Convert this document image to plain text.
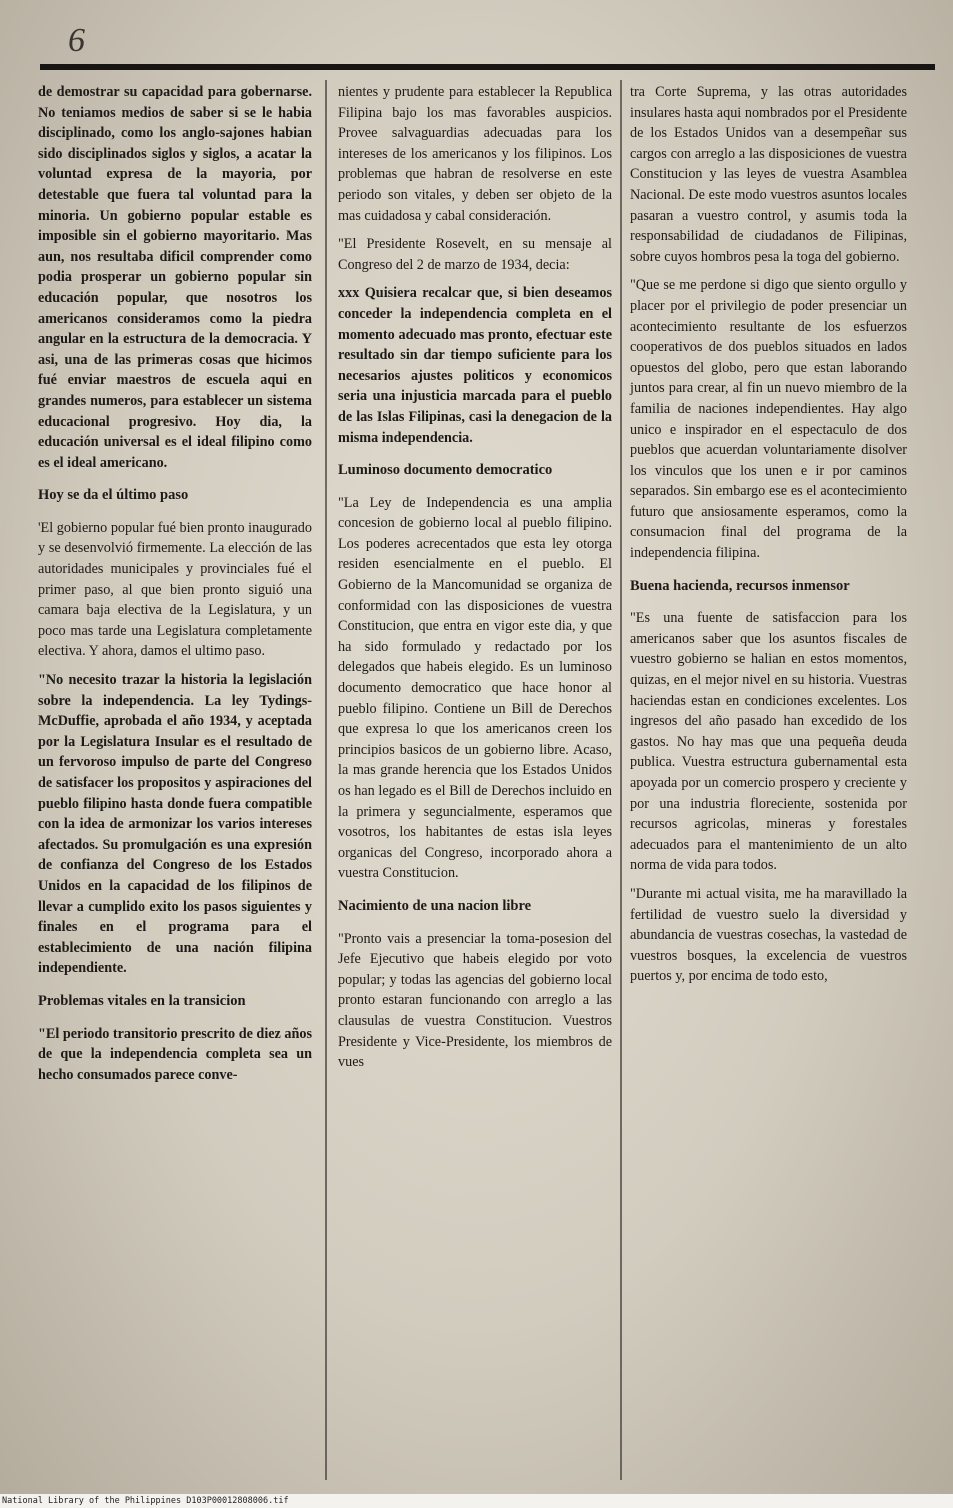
6

de demostrar su capacidad para gobernarse. No teniamos medios de saber si se le habia disciplinado, como los anglo-sajones habian sido disciplinados siglos y siglos, a acatar la voluntad expresa de la mayoria, por detestable que fuera tal voluntad para la minoria. Un gobierno popular estable es imposible sin el gobierno mayoritario. Mas aun, nos resultaba dificil comprender como podia prosperar un gobierno popular sin educación popular, que nosotros los americanos consideramos como la piedra angular en la estructura de la democracia. Y asi, una de las primeras cosas que hicimos fué enviar maestros de escuela aqui en grandes numeros, para establecer un sistema educacional progresivo. Hoy dia, la educación universal es el ideal filipino como es el ideal americano.

Hoy se da el último paso

'El gobierno popular fué bien pronto inaugurado y se desenvolvió firmemente. La elección de las autoridades municipales y provinciales fué el primer paso, al que bien pronto siguió una camara baja electiva de la Legislatura, y un poco mas tarde una Legislatura completamente electiva. Y ahora, damos el ultimo paso.

"No necesito trazar la historia la legislación sobre la independencia. La ley Tydings-McDuffie, aprobada el año 1934, y aceptada por la Legislatura Insular es el resultado de un fervoroso impulso de parte del Congreso de satisfacer los propositos y aspiraciones del pueblo filipino hasta donde fuera compatible con la idea de armonizar los varios intereses afectados. Su promulgación es una expresión de confianza del Congreso de los Estados Unidos en la capacidad de los filipinos de llevar a cumplido exito los pasos siguientes y finales en el programa para el establecimiento de una nación filipina independiente.

Problemas vitales en la transicion

"El periodo transitorio prescrito de diez años de que la independencia completa sea un hecho consumados parece conve-

nientes y prudente para establecer la Republica Filipina bajo los mas favorables auspicios. Provee salvaguardias adecuadas para los intereses de los americanos y los filipinos. Los problemas que habran de resolverse en este periodo son vitales, y deben ser objeto de la mas cuidadosa y cabal consideración.

"El Presidente Rosevelt, en su mensaje al Congreso del 2 de marzo de 1934, decia:

xxx Quisiera recalcar que, si bien deseamos conceder la independencia completa en el momento adecuado mas pronto, efectuar este resultado sin dar tiempo suficiente para los necesarios ajustes politicos y economicos seria una injusticia marcada para el pueblo de las Islas Filipinas, casi la denegacion de la misma independencia.

Luminoso documento democratico

"La Ley de Independencia es una amplia concesion de gobierno local al pueblo filipino. Los poderes acrecentados que esta ley otorga residen esencialmente en el pueblo. El Gobierno de la Mancomunidad se organiza de conformidad con las disposiciones de vuestra Constitucion, que entra en vigor este dia, y que ha sido formulado y redactado por los delegados que habeis elegido. Es un luminoso documento democratico que hace honor al pueblo filipino. Contiene un Bill de Derechos que expresa lo que los americanos creen los principios basicos de un gobierno libre. Acaso, la mas grande herencia que los Estados Unidos os han legado es el Bill de Derechos incluido en la primera y seguncialmente, esperamos que vosotros, los habitantes de estas isla leyes organicas del Congreso, incorporado ahora a vuestra Constitucion.

Nacimiento de una nacion libre

"Pronto vais a presenciar la toma-posesion del Jefe Ejecutivo que habeis elegido por voto popular; y todas las agencias del gobierno local pronto estaran funcionando con arreglo a las clausulas de vuestra Constitucion. Vuestros Presidente y Vice-Presidente, los miembros de vues

tra Corte Suprema, y las otras autoridades insulares hasta aqui nombrados por el Presidente de los Estados Unidos van a desempeñar sus cargos con arreglo a las disposiciones de vuestra Constitucion y las leyes de vuestra Asamblea Nacional. De este modo vuestros asuntos locales pasaran a vuestro control, y asumis toda la responsabilidad de ciudadanos de Filipinas, sobre cuyos hombros pesa la toga del gobierno.

"Que se me perdone si digo que siento orgullo y placer por el privilegio de poder presenciar un acontecimiento resultante de los esfuerzos cooperativos de dos pueblos situados en lados opuestos del globo, pero que estan laborando juntos para crear, al fin un nuevo miembro de la familia de naciones independientes. Hay algo unico e inspirador en el espectaculo de dos pueblos que acuerdan voluntariamente disolver los vinculos que los unen e ir por caminos separados. Sin embargo ese es el acontecimiento futuro que ansiosamente esperamos, como la consumacion final del programa de la independencia filipina.

Buena hacienda, recursos inmensor

"Es una fuente de satisfaccion para los americanos saber que los asuntos fiscales de vuestro gobierno se halian en estos momentos, quizas, en el mejor nivel en su historia. Vuestras haciendas estan en condiciones excelentes. Los ingresos del año pasado han excedido de los gastos. No hay mas que una pequeña deuda publica. Vuestra estructura gubernamental esta apoyada por un comercio prospero y creciente y por una industria floreciente, sostenida por recursos agricolas, mineras y forestales adecuados para el mantenimiento de un alto norma de vida para todos.

"Durante mi actual visita, me ha maravillado la fertilidad de vuestro suelo la diversidad y abundancia de vuestras cosechas, la vastedad de vuestros bosques, la excelencia de vuestros puertos y, por encima de todo esto,

National Library of the Philippines D103P00012808006.tif
